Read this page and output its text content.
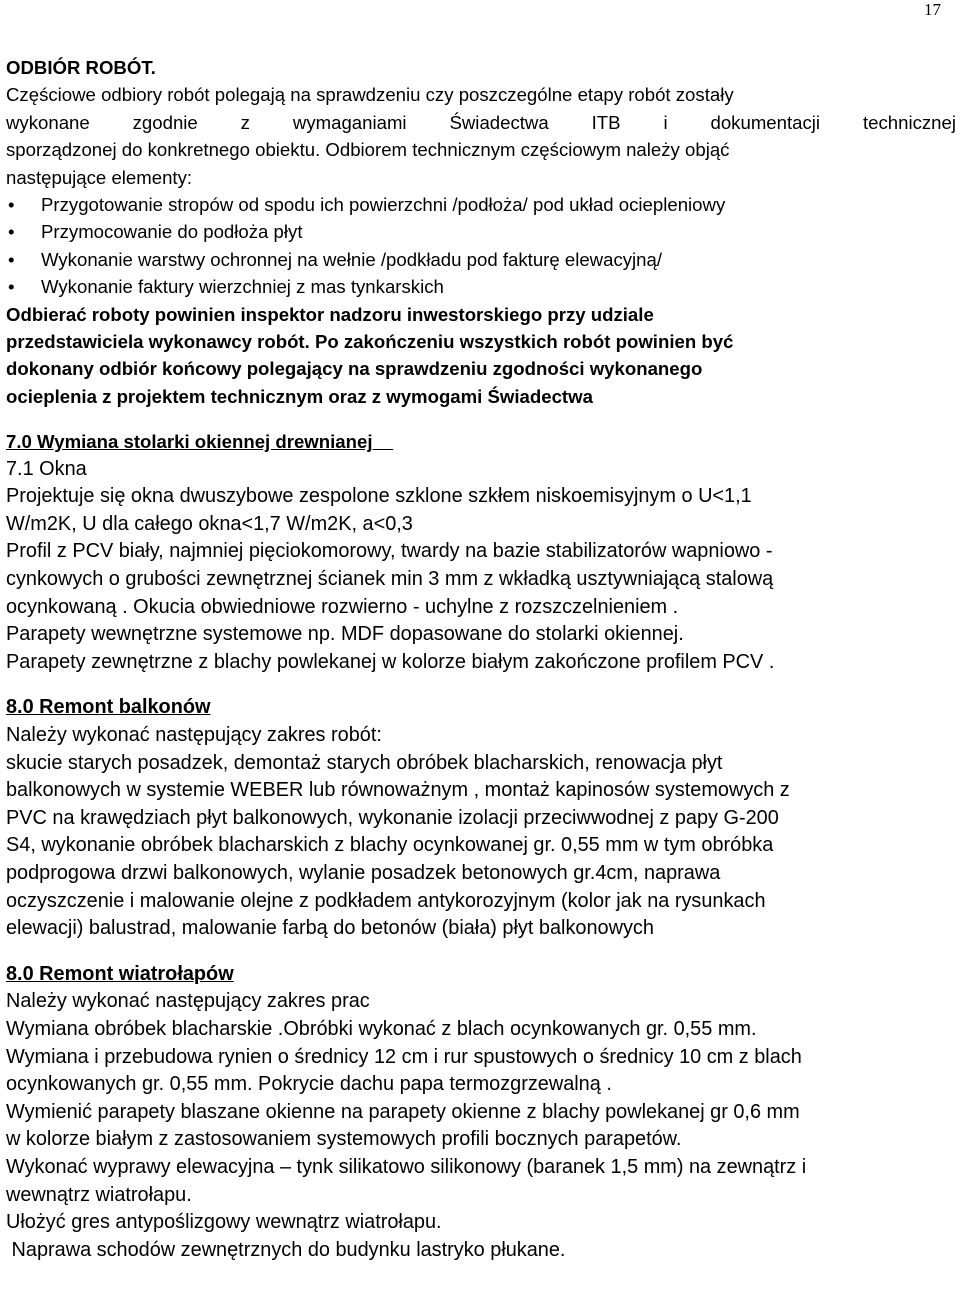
17
ODBIÓR ROBÓT.
Częściowe odbiory robót polegają na sprawdzeniu czy poszczególne etapy robót zostały
wykonane zgodnie z wymaganiami Świadectwa ITB i dokumentacji technicznej
sporządzonej do konkretnego obiektu. Odbiorem technicznym częściowym należy objąć
następujące elementy:
•	Przygotowanie stropów od spodu ich powierzchni /podłoża/ pod układ ociepleniowy
•	Przymocowanie do podłoża płyt
•	Wykonanie warstwy ochronnej na wełnie /podkładu pod fakturę elewacyjną/
•	Wykonanie faktury wierzchniej z mas tynkarskich
Odbierać roboty powinien inspektor nadzoru inwestorskiego przy udziale
przedstawiciela wykonawcy robót. Po zakończeniu wszystkich robót powinien być
dokonany odbiór końcowy polegający na sprawdzeniu zgodności wykonanego
ocieplenia z projektem technicznym oraz z wymogami Świadectwa
7.0 Wymiana stolarki okiennej drewnianej
7.1 Okna
Projektuje się okna dwuszybowe zespolone szklone szkłem niskoemisyjnym o U<1,1
W/m2K, U dla całego okna<1,7 W/m2K, a<0,3
Profil z PCV biały, najmniej pięciokomorowy, twardy na bazie stabilizatorów wapniowo -
cynkowych o grubości zewnętrznej ścianek min 3 mm z wkładką usztywniającą stalową
ocynkowaną . Okucia obwiedniowe rozwierno - uchylne z rozszczelnieniem .
Parapety wewnętrzne systemowe np. MDF dopasowane do stolarki okiennej.
Parapety zewnętrzne z blachy powlekanej w kolorze białym zakończone profilem PCV .
8.0 Remont balkonów
Należy wykonać następujący zakres robót:
skucie starych posadzek, demontaż starych obróbek blacharskich, renowacja płyt
balkonowych w systemie WEBER lub równoważnym , montaż kapinosów systemowych z
PVC na krawędziach płyt balkonowych, wykonanie izolacji przeciwwodnej z papy G-200
S4, wykonanie obróbek blacharskich z blachy ocynkowanej gr. 0,55 mm w tym obróbka
podprogowa drzwi balkonowych, wylanie posadzek betonowych gr.4cm, naprawa
oczyszczenie i malowanie olejne z podkładem antykorozyjnym (kolor jak na rysunkach
elewacji) balustrad, malowanie farbą do betonów (biała) płyt balkonowych
8.0 Remont wiatrołapów
Należy wykonać następujący zakres prac
Wymiana obróbek blacharskie .Obróbki wykonać z blach ocynkowanych gr. 0,55 mm.
Wymiana i przebudowa rynien o średnicy 12 cm i rur spustowych o średnicy 10 cm z blach
ocynkowanych gr. 0,55 mm. Pokrycie dachu papa termozgrzewalną .
Wymienić parapety blaszane okienne na parapety okienne z blachy powlekanej gr 0,6 mm
w kolorze białym z zastosowaniem systemowych profili bocznych parapetów.
Wykonać wyprawy elewacyjna – tynk silikatowo silikonowy (baranek 1,5 mm) na zewnątrz i
wewnątrz wiatrołapu.
Ułożyć gres antypoślizgowy wewnątrz wiatrołapu.
Naprawa schodów zewnętrznych do budynku lastryko płukane.
